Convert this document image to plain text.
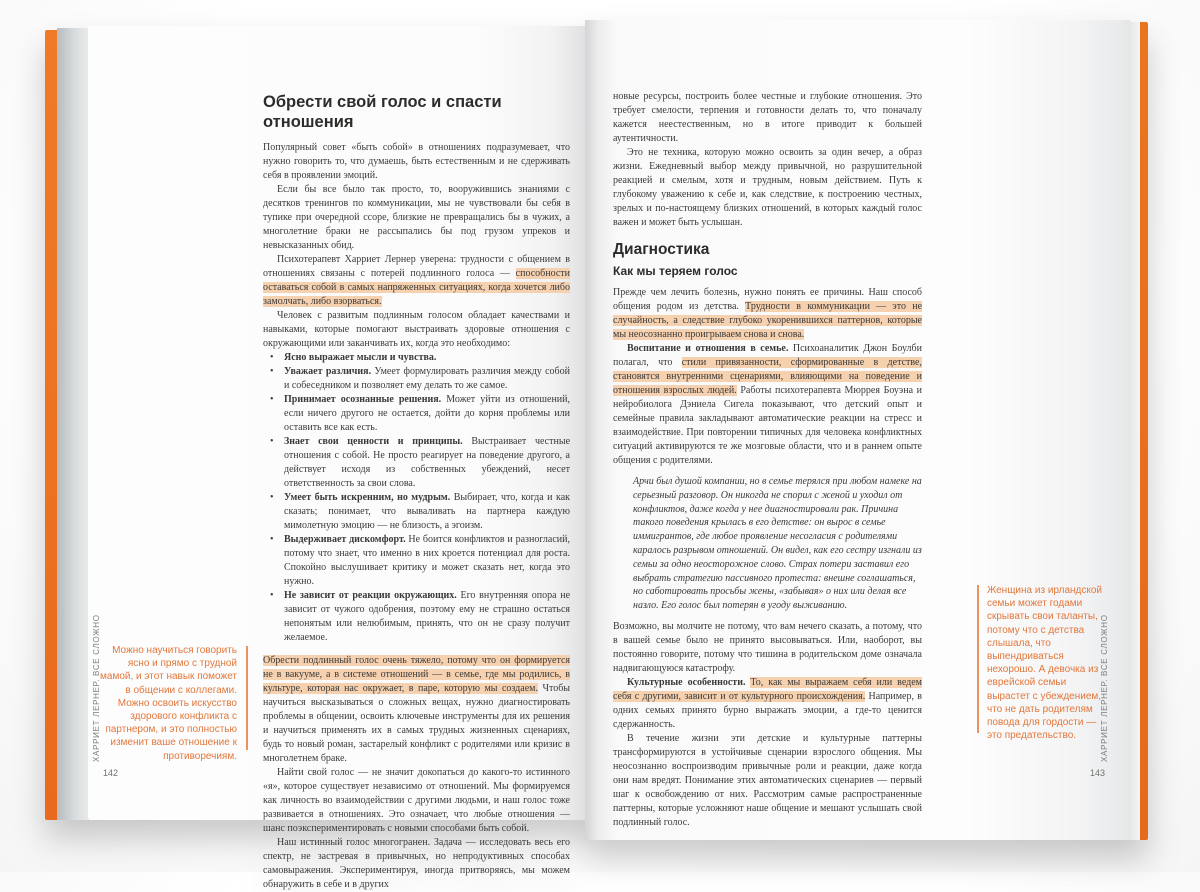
Обрести свой голос и спасти отношения
Популярный совет «быть собой» в отношениях подразумевает, что нужно говорить то, что думаешь, быть естественным и не сдерживать себя в проявлении эмоций.
Если бы все было так просто, то, вооружившись знаниями с десятков тренингов по коммуникации, мы не чувствовали бы себя в тупике при очередной ссоре, близкие не превращались бы в чужих, а многолетние браки не рассыпались бы под грузом упреков и невысказанных обид.
Психотерапевт Харриет Лернер уверена: трудности с общением в отношениях связаны с потерей подлинного голоса — способности оставаться собой в самых напряженных ситуациях, когда хочется либо замолчать, либо взорваться.
Человек с развитым подлинным голосом обладает качествами и навыками, которые помогают выстраивать здоровые отношения с окружающими или заканчивать их, когда это необходимо:
• Ясно выражает мысли и чувства.
• Уважает различия. Умеет формулировать различия между собой и собеседником и позволяет ему делать то же самое.
• Принимает осознанные решения. Может уйти из отношений, если ничего другого не остается, дойти до корня проблемы или оставить все как есть.
• Знает свои ценности и принципы. Выстраивает честные отношения с собой. Не просто реагирует на поведение другого, а действует исходя из собственных убеждений, несет ответственность за свои слова.
• Умеет быть искренним, но мудрым. Выбирает, что, когда и как сказать; понимает, что вываливать на партнера каждую мимолетную эмоцию — не близость, а эгоизм.
• Выдерживает дискомфорт. Не боится конфликтов и разногласий, потому что знает, что именно в них кроется потенциал для роста. Спокойно выслушивает критику и может сказать нет, когда это нужно.
• Не зависит от реакции окружающих. Его внутренняя опора не зависит от чужого одобрения, поэтому ему не страшно остаться непонятым или нелюбимым, принять, что он не сразу получит желаемое.
Обрести подлинный голос очень тяжело, потому что он формируется не в вакууме, а в системе отношений — в семье, где мы родились, в культуре, которая нас окружает, в паре, которую мы создаем. Чтобы научиться высказываться о сложных вещах, нужно диагностировать проблемы в общении, освоить ключевые инструменты для их решения и научиться применять их в самых трудных жизненных сценариях, будь то новый роман, застарелый конфликт с родителями или кризис в многолетнем браке.
Найти свой голос — не значит докопаться до какого-то истинного «я», которое существует независимо от отношений. Мы формируемся как личность во взаимодействии с другими людьми, и наш голос тоже развивается в отношениях. Это означает, что любые отношения — шанс поэкспериментировать с новыми способами быть собой.
Наш истинный голос многогранен. Задача — исследовать весь его спектр, не застревая в привычных, но непродуктивных способах самовыражения. Экспериментируя, иногда притворяясь, мы можем обнаружить в себе и в других
Можно научиться говорить ясно и прямо с трудной мамой, и этот навык поможет в общении с коллегами. Можно освоить искусство здорового конфликта с партнером, и это полностью изменит ваше отношение к противоречиям.
ХАРРИЕТ ЛЕРНЕР. ВСЕ СЛОЖНО
142
новые ресурсы, построить более честные и глубокие отношения. Это требует смелости, терпения и готовности делать то, что поначалу кажется неестественным, но в итоге приводит к большей аутентичности.
Это не техника, которую можно освоить за один вечер, а образ жизни. Ежедневный выбор между привычной, но разрушительной реакцией и смелым, хотя и трудным, новым действием. Путь к глубокому уважению к себе и, как следствие, к построению честных, зрелых и по-настоящему близких отношений, в которых каждый голос важен и может быть услышан.
Диагностика
Как мы теряем голос
Прежде чем лечить болезнь, нужно понять ее причины. Наш способ общения родом из детства. Трудности в коммуникации — это не случайность, а следствие глубоко укоренившихся паттернов, которые мы неосознанно проигрываем снова и снова.
Воспитание и отношения в семье. Психоаналитик Джон Боулби полагал, что стили привязанности, сформированные в детстве, становятся внутренними сценариями, влияющими на поведение и отношения взрослых людей. Работы психотерапевта Мюррея Боуэна и нейробиолога Дэниела Сигела показывают, что детский опыт и семейные правила закладывают автоматические реакции на стресс и взаимодействие. При повторении типичных для человека конфликтных ситуаций активируются те же мозговые области, что и в раннем опыте общения с родителями.
Арчи был душой компании, но в семье терялся при любом намеке на серьезный разговор. Он никогда не спорил с женой и уходил от конфликтов, даже когда у нее диагностировали рак. Причина такого поведения крылась в его детстве: он вырос в семье иммигрантов, где любое проявление несогласия с родителями каралось разрывом отношений. Он видел, как его сестру изгнали из семьи за одно неосторожное слово. Страх потери заставил его выбрать стратегию пассивного протеста: внешне соглашаться, но саботировать просьбы жены, «забывая» о них или делая все назло. Его голос был потерян в угоду выживанию.
Возможно, вы молчите не потому, что вам нечего сказать, а потому, что в вашей семье было не принято высовываться. Или, наоборот, вы постоянно говорите, потому что тишина в родительском доме означала надвигающуюся катастрофу.
Культурные особенности. То, как мы выражаем себя или ведем себя с другими, зависит и от культурного происхождения. Например, в одних семьях принято бурно выражать эмоции, а где-то ценится сдержанность.
В течение жизни эти детские и культурные паттерны трансформируются в устойчивые сценарии взрослого общения. Мы неосознанно воспроизводим привычные роли и реакции, даже когда они нам вредят. Понимание этих автоматических сценариев — первый шаг к освобождению от них. Рассмотрим самые распространенные паттерны, которые усложняют наше общение и мешают услышать свой подлинный голос.
Женщина из ирландской семьи может годами скрывать свои таланты, потому что с детства слышала, что выпендриваться нехорошо. А девочка из еврейской семьи вырастет с убеждением, что не дать родителям повода для гордости — это предательство.	ХАРРИЕТ ЛЕРНЕР. ВСЕ СЛОЖНО
143
